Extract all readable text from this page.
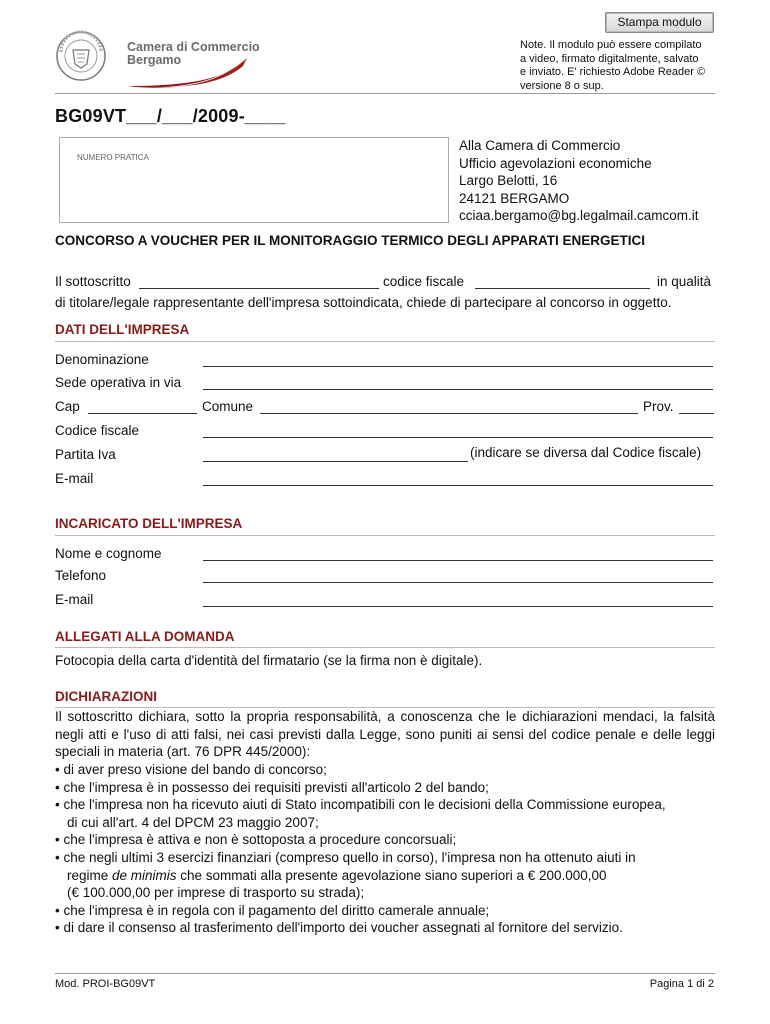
Stampa modulo
Camera di Commercio
Bergamo
Note. Il modulo può essere compilato
a video, firmato digitalmente, salvato
e inviato. E' richiesto Adobe Reader ©
versione 8 o sup.
BG09VT___/___/2009-____
NUMERO PRATICA
Alla Camera di Commercio
Ufficio agevolazioni economiche
Largo Belotti, 16
24121 BERGAMO
cciaa.bergamo@bg.legalmail.camcom.it
CONCORSO A VOUCHER PER IL MONITORAGGIO TERMICO DEGLI APPARATI ENERGETICI
Il sottoscritto	codice fiscale	in qualità
di titolare/legale rappresentante dell'impresa sottoindicata, chiede di partecipare al concorso in oggetto.
DATI DELL'IMPRESA
Denominazione
Sede operativa in via
Cap	Comune	Prov.
Codice fiscale
Partita Iva	(indicare se diversa dal Codice fiscale)
E-mail
INCARICATO DELL'IMPRESA
Nome e cognome
Telefono
E-mail
ALLEGATI ALLA DOMANDA
Fotocopia della carta d'identità del firmatario (se la firma non è digitale).
DICHIARAZIONI
Il sottoscritto dichiara, sotto la propria responsabilità, a conoscenza che le dichiarazioni mendaci, la falsità negli atti e l'uso di atti falsi, nei casi previsti dalla Legge, sono puniti ai sensi del codice penale e delle leggi speciali in materia (art. 76 DPR 445/2000):
• di aver preso visione del bando di concorso;
• che l'impresa è in possesso dei requisiti previsti all'articolo 2 del bando;
• che l'impresa non ha ricevuto aiuti di Stato incompatibili con le decisioni della Commissione europea,
di cui all'art. 4 del DPCM 23 maggio 2007;
• che l'impresa è attiva e non è sottoposta a procedure concorsuali;
• che negli ultimi 3 esercizi finanziari (compreso quello in corso), l'impresa non ha ottenuto aiuti in
regime de minimis che sommati alla presente agevolazione siano superiori a € 200.000,00
(€ 100.000,00 per imprese di trasporto su strada);
• che l'impresa è in regola con il pagamento del diritto camerale annuale;
• di dare il consenso al trasferimento dell'importo dei voucher assegnati al fornitore del servizio.
Mod. PROI-BG09VT	Pagina 1 di 2
